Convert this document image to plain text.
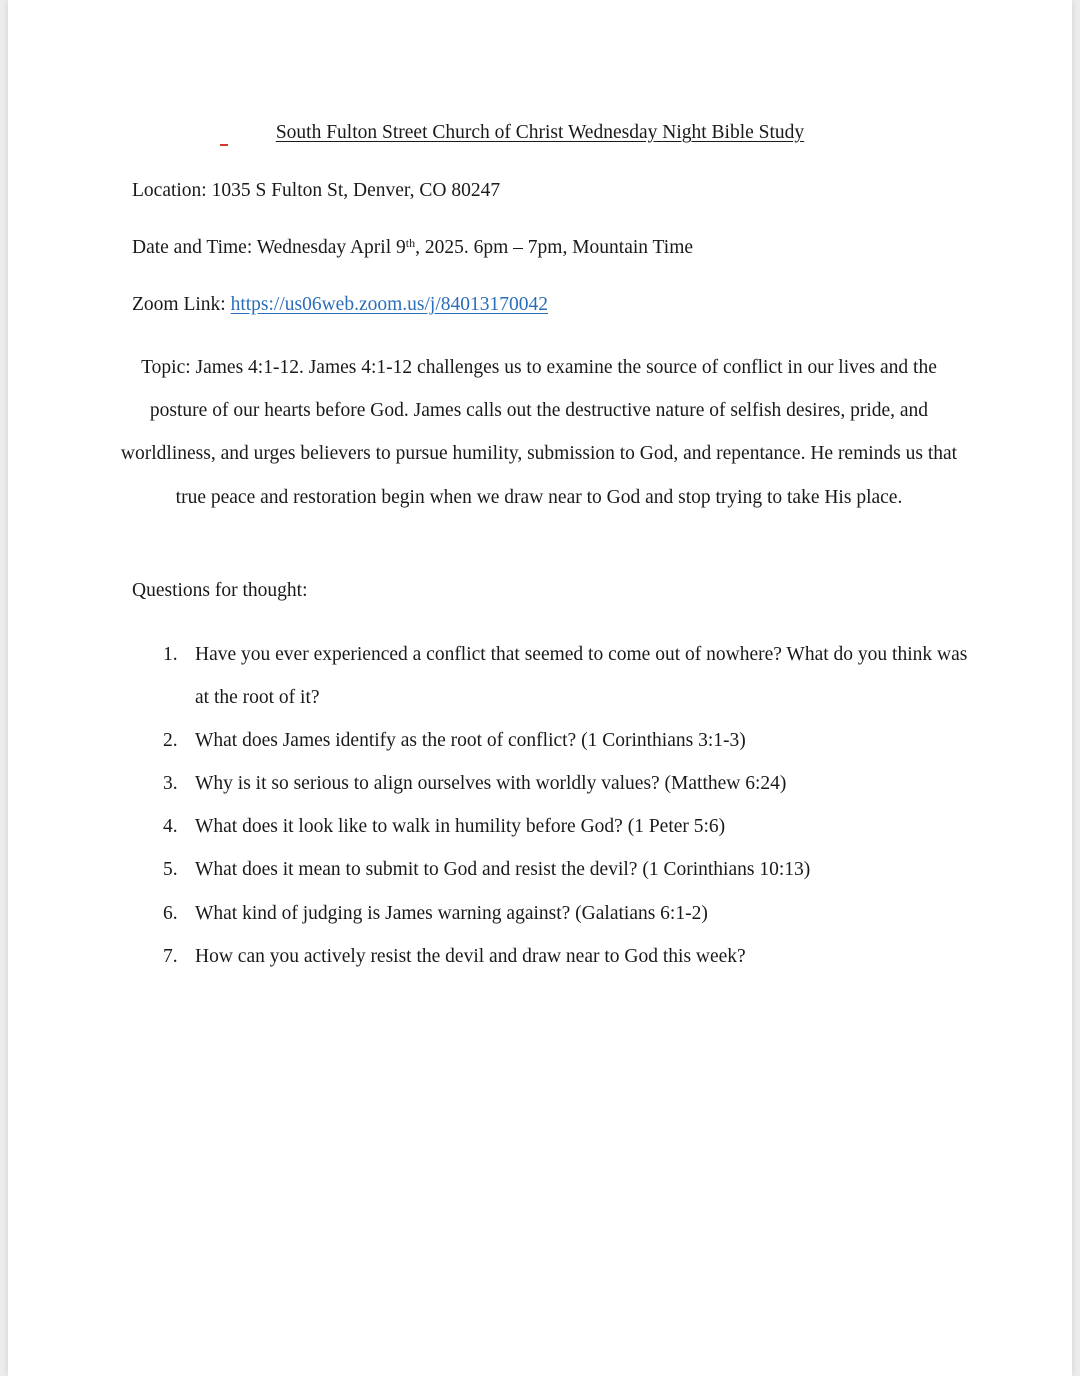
South Fulton Street Church of Christ Wednesday Night Bible Study

Location: 1035 S Fulton St, Denver, CO 80247

Date and Time: Wednesday April 9th, 2025. 6pm – 7pm, Mountain Time

Zoom Link: https://us06web.zoom.us/j/84013170042

Topic: James 4:1-12. James 4:1-12 challenges us to examine the source of conflict in our lives and the posture of our hearts before God. James calls out the destructive nature of selfish desires, pride, and worldliness, and urges believers to pursue humility, submission to God, and repentance. He reminds us that true peace and restoration begin when we draw near to God and stop trying to take His place.

Questions for thought:

1. Have you ever experienced a conflict that seemed to come out of nowhere? What do you think was at the root of it?
2. What does James identify as the root of conflict? (1 Corinthians 3:1-3)
3. Why is it so serious to align ourselves with worldly values? (Matthew 6:24)
4. What does it look like to walk in humility before God? (1 Peter 5:6)
5. What does it mean to submit to God and resist the devil? (1 Corinthians 10:13)
6. What kind of judging is James warning against? (Galatians 6:1-2)
7. How can you actively resist the devil and draw near to God this week?
